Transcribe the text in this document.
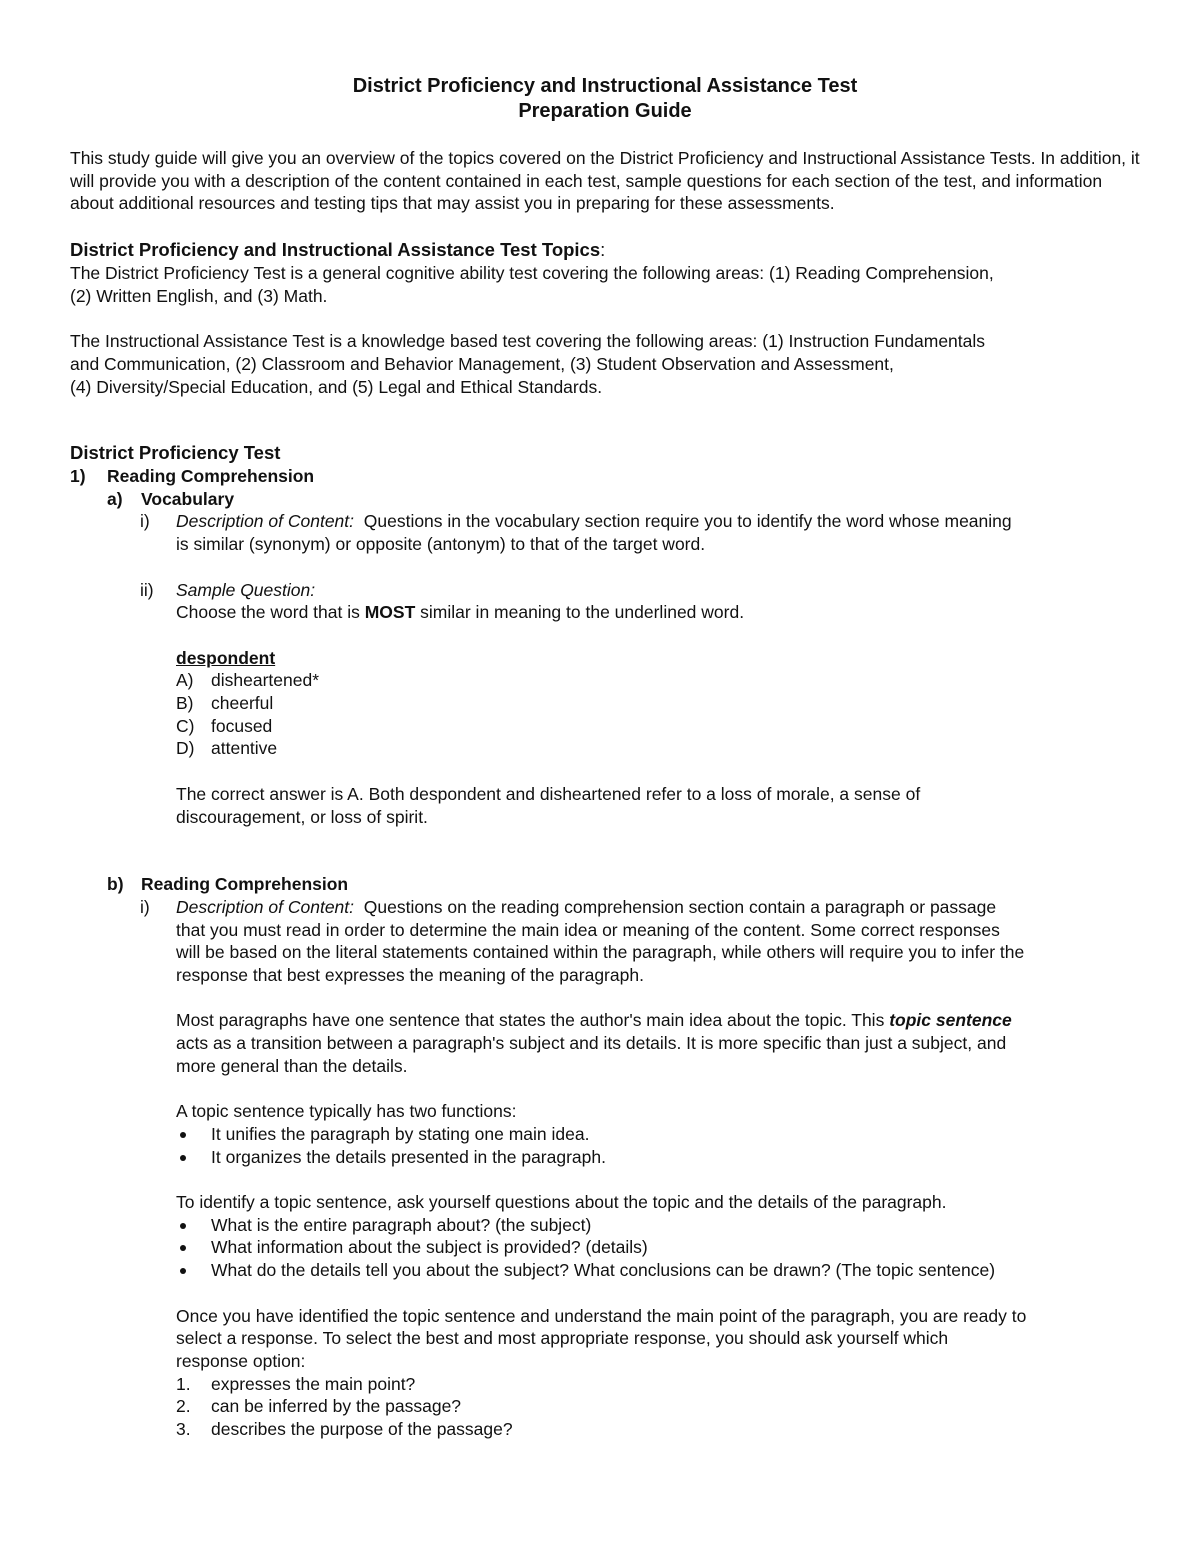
District Proficiency and Instructional Assistance Test

Preparation Guide

This study guide will give you an overview of the topics covered on the District Proficiency and Instructional Assistance Tests. In addition, it will provide you with a description of the content contained in each test, sample questions for each section of the test, and information about additional resources and testing tips that may assist you in preparing for these assessments.

District Proficiency and Instructional Assistance Test Topics:

The District Proficiency Test is a general cognitive ability test covering the following areas: (1) Reading Comprehension,

(2) Written English, and (3) Math.

The Instructional Assistance Test is a knowledge based test covering the following areas: (1) Instruction Fundamentals

and Communication, (2) Classroom and Behavior Management, (3) Student Observation and Assessment,

(4) Diversity/Special Education, and (5) Legal and Ethical Standards.

District Proficiency Test
1) Reading Comprehension
a) Vocabulary
i) Description of Content: Questions in the vocabulary section require you to identify the word whose meaning
is similar (synonym) or opposite (antonym) to that of the target word.
ii) Sample Question:
Choose the word that is MOST similar in meaning to the underlined word.
despondent
A) disheartened*
B) cheerful
C) focused
D) attentive
The correct answer is A. Both despondent and disheartened refer to a loss of morale, a sense of
discouragement, or loss of spirit.
b) Reading Comprehension
i) Description of Content: Questions on the reading comprehension section contain a paragraph or passage
that you must read in order to determine the main idea or meaning of the content. Some correct responses
will be based on the literal statements contained within the paragraph, while others will require you to infer the
response that best expresses the meaning of the paragraph.
Most paragraphs have one sentence that states the author's main idea about the topic. This topic sentence
acts as a transition between a paragraph's subject and its details. It is more specific than just a subject, and
more general than the details.
A topic sentence typically has two functions:
It unifies the paragraph by stating one main idea.
It organizes the details presented in the paragraph.
To identify a topic sentence, ask yourself questions about the topic and the details of the paragraph.
What is the entire paragraph about? (the subject)
What information about the subject is provided? (details)
What do the details tell you about the subject? What conclusions can be drawn? (The topic sentence)
Once you have identified the topic sentence and understand the main point of the paragraph, you are ready to
select a response. To select the best and most appropriate response, you should ask yourself which
response option:
1. expresses the main point?
2. can be inferred by the passage?
3. describes the purpose of the passage?
